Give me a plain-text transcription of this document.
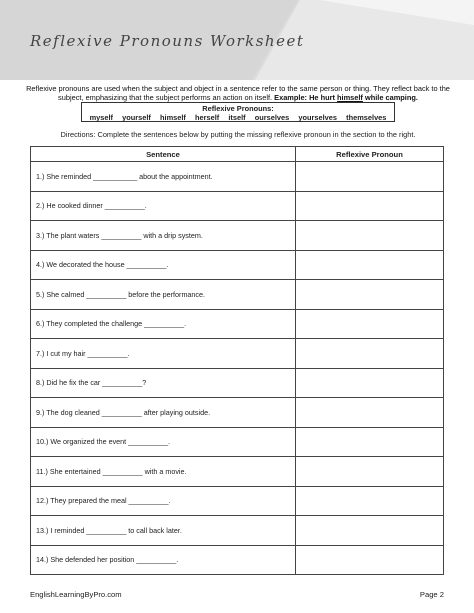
Reflexive Pronouns Worksheet
Reflexive pronouns are used when the subject and object in a sentence refer to the same person or thing. They reflect back to the subject, emphasizing that the subject performs an action on itself. Example: He hurt himself while camping.
Reflexive Pronouns:
myself yourself himself herself itself ourselves yourselves themselves
Directions: Complete the sentences below by putting the missing reflexive pronoun in the section to the right.
Sentence	Reflexive Pronoun
1.) She reminded ___________ about the appointment.	
2.) He cooked dinner __________.	
3.) The plant waters __________ with a drip system.	
4.) We decorated the house __________.	
5.) She calmed __________ before the performance.	
6.) They completed the challenge __________.	
7.) I cut my hair __________.	
8.) Did he fix the car __________?	
9.) The dog cleaned __________ after playing outside.	
10.) We organized the event __________.	
11.) She entertained __________ with a movie.	
12.) They prepared the meal __________.	
13.) I reminded __________ to call back later.	
14.) She defended her position __________.	
EnglishLearningByPro.com	Page 2
